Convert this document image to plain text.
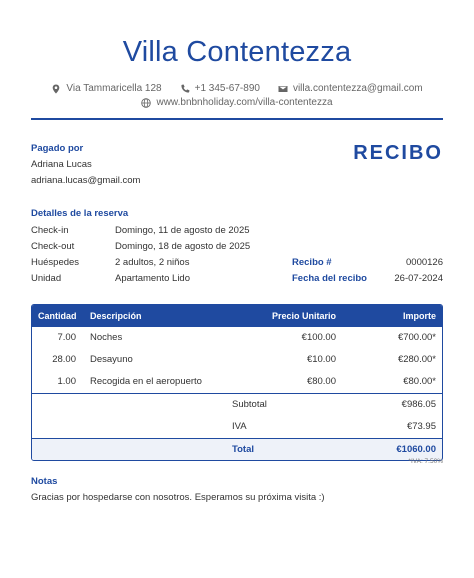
Villa Contentezza
Via Tammaricella 128	+1 345-67-890	villa.contentezza@gmail.com
www.bnbnholiday.com/villa-contentezza
Pagado por
Adriana Lucas
adriana.lucas@gmail.com
RECIBO
Detalles de la reserva
Check-in	Domingo, 11 de agosto de 2025
Check-out	Domingo, 18 de agosto de 2025
Huéspedes	2 adultos, 2 niños
Unidad	Apartamento Lido
Recibo #	0000126
Fecha del recibo	26-07-2024
Cantidad Descripción	Precio Unitario	Importe
7.00 Noches	€100.00	€700.00*
28.00 Desayuno	€10.00	€280.00*
1.00 Recogida en el aeropuerto	€80.00	€80.00*
Subtotal	€986.05
IVA	€73.95
Total	€1060.00
*IVA: 7.50%
Notas
Gracias por hospedarse con nosotros. Esperamos su próxima visita :)
